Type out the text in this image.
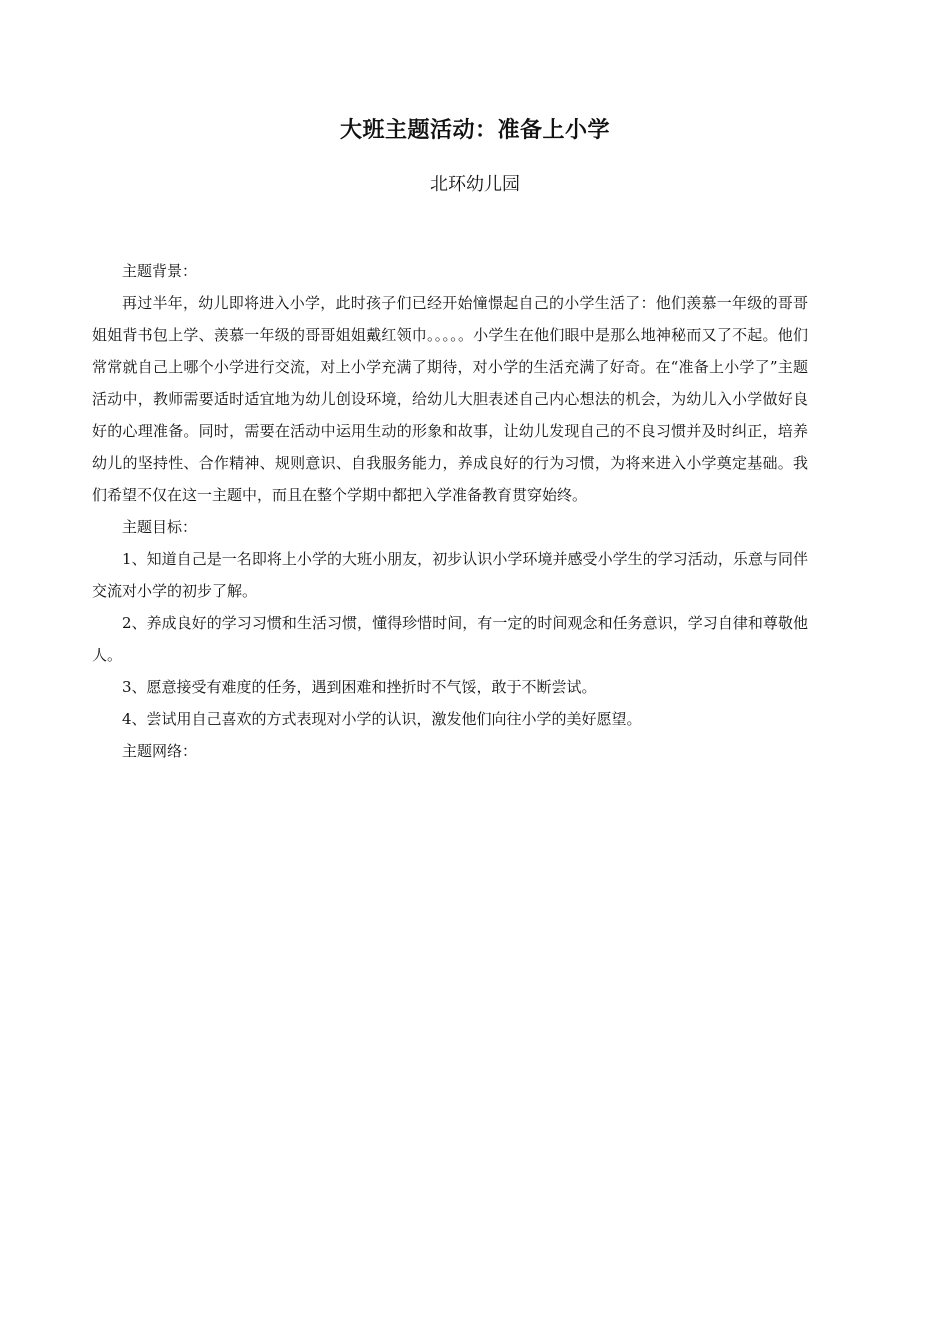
大班主题活动：准备上小学
北环幼儿园

主题背景：

再过半年，幼儿即将进入小学，此时孩子们已经开始憧憬起自己的小学生活了：他们羡慕一年级的哥哥姐姐背书包上学、羡慕一年级的哥哥姐姐戴红领巾。。。。。小学生在他们眼中是那么地神秘而又了不起。他们常常就自己上哪个小学进行交流，对上小学充满了期待，对小学的生活充满了好奇。在“准备上小学了”主题活动中，教师需要适时适宜地为幼儿创设环境，给幼儿大胆表述自己内心想法的机会，为幼儿入小学做好良好的心理准备。同时，需要在活动中运用生动的形象和故事，让幼儿发现自己的不良习惯并及时纠正，培养幼儿的坚持性、合作精神、规则意识、自我服务能力，养成良好的行为习惯，为将来进入小学奠定基础。我们希望不仅在这一主题中，而且在整个学期中都把入学准备教育贯穿始终。

主题目标：

1、知道自己是一名即将上小学的大班小朋友，初步认识小学环境并感受小学生的学习活动，乐意与同伴交流对小学的初步了解。

2、养成良好的学习习惯和生活习惯，懂得珍惜时间，有一定的时间观念和任务意识，学习自律和尊敬他人。

3、愿意接受有难度的任务，遇到困难和挫折时不气馁，敢于不断尝试。

4、尝试用自己喜欢的方式表现对小学的认识，激发他们向往小学的美好愿望。

主题网络：
